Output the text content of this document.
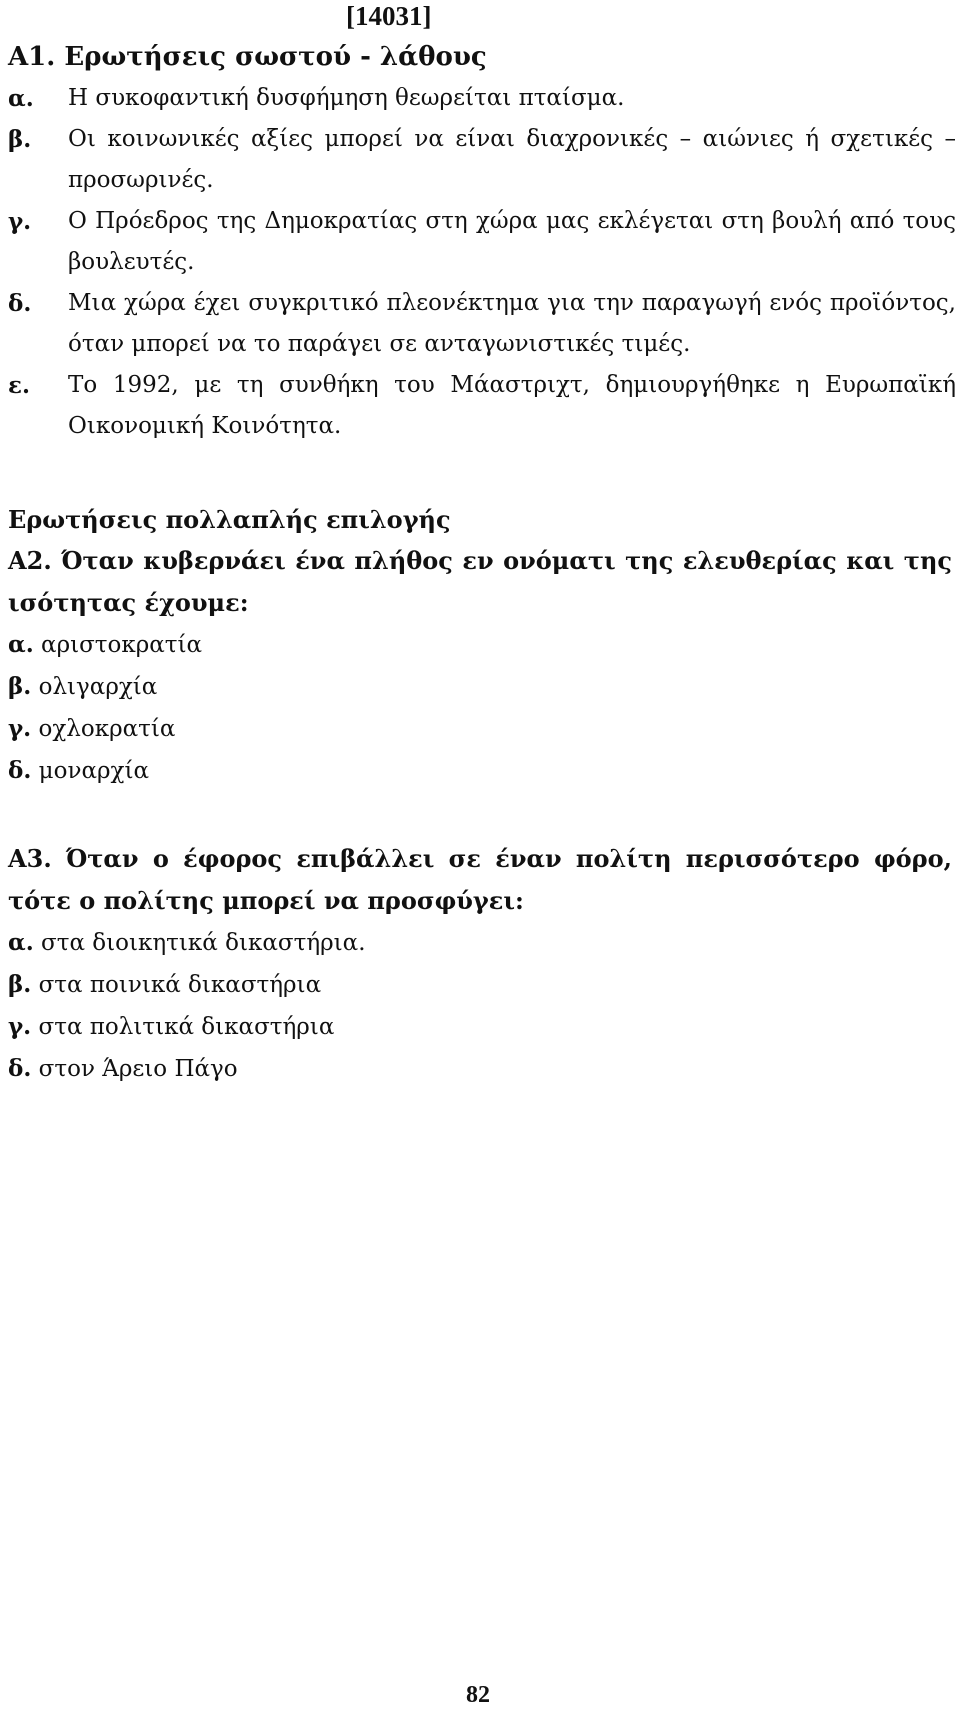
[14031]
Α1. Ερωτήσεις σωστού - λάθους
α.	Η συκοφαντική δυσφήμηση θεωρείται πταίσμα.
β.	Οι κοινωνικές αξίες μπορεί να είναι διαχρονικές – αιώνιες ή σχετικές – προσωρινές.
γ.	Ο Πρόεδρος της Δημοκρατίας στη χώρα μας εκλέγεται στη βουλή από τους βουλευτές.
δ.	Μια χώρα έχει συγκριτικό πλεονέκτημα για την παραγωγή ενός προϊόντος, όταν μπορεί να το παράγει σε ανταγωνιστικές τιμές.
ε.	Το 1992, με τη συνθήκη του Μάαστριχτ, δημιουργήθηκε η Ευρωπαϊκή Οικονομική Κοινότητα.
Ερωτήσεις πολλαπλής επιλογής

Α2. Όταν κυβερνάει ένα πλήθος εν ονόματι της ελευθερίας και της ισότητας έχουμε:

α. αριστοκρατία
β. ολιγαρχία
γ. οχλοκρατία
δ. μοναρχία

Α3. Όταν ο έφορος επιβάλλει σε έναν πολίτη περισσότερο φόρο, τότε ο πολίτης μπορεί να προσφύγει:

α. στα διοικητικά δικαστήρια.
β. στα ποινικά δικαστήρια
γ. στα πολιτικά δικαστήρια
δ. στον Άρειο Πάγο
82
